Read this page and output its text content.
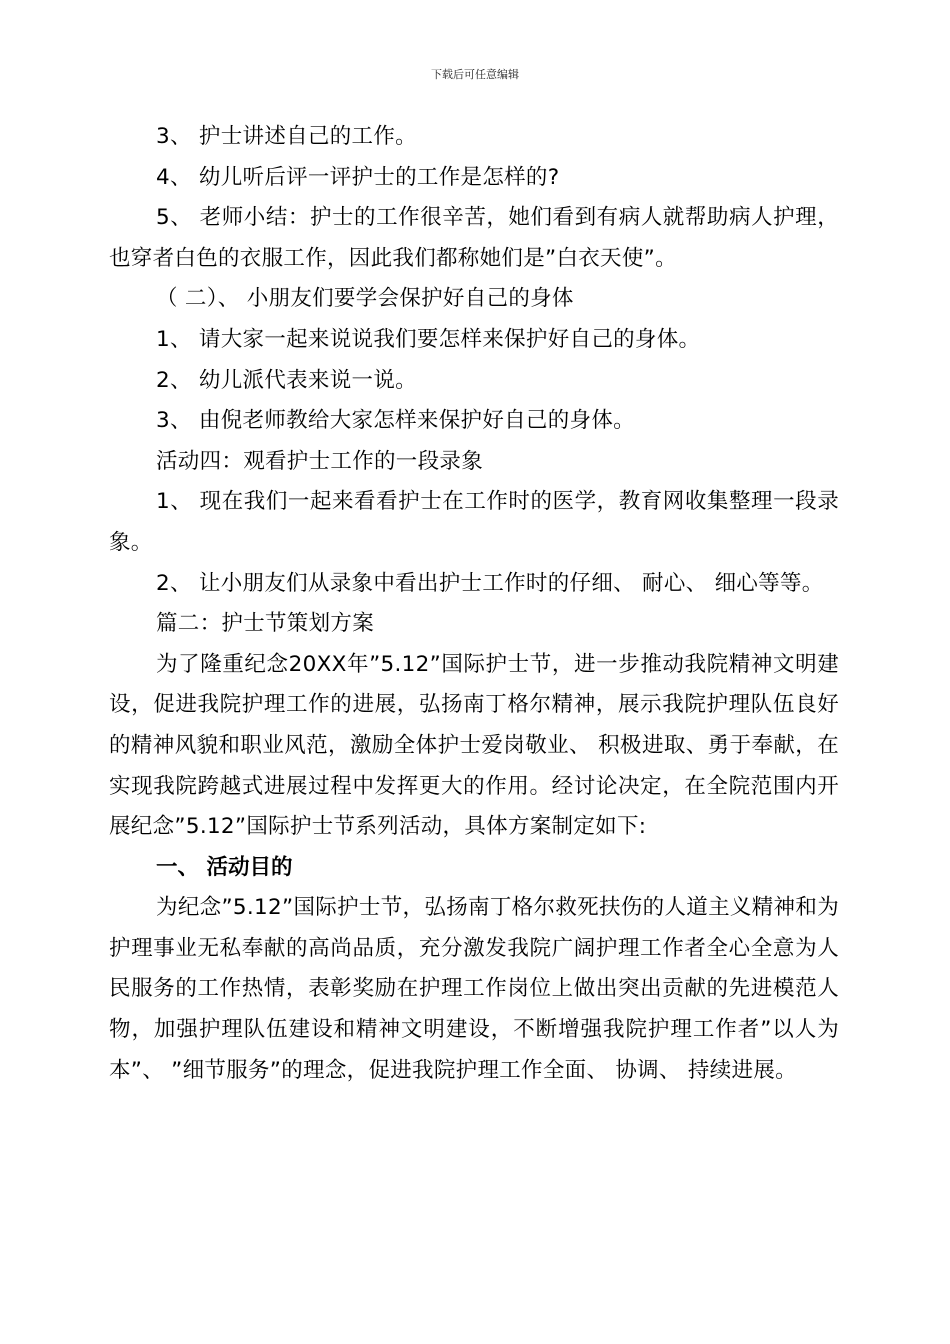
下载后可任意编辑

3、 护士讲述自己的工作。

4、 幼儿听后评一评护士的工作是怎样的?

5、 老师小结：护士的工作很辛苦，她们看到有病人就帮助病人护理，也穿者白色的衣服工作，因此我们都称她们是”白衣天使”。

（ 二）、 小朋友们要学会保护好自己的身体

1、 请大家一起来说说我们要怎样来保护好自己的身体。

2、 幼儿派代表来说一说。

3、 由倪老师教给大家怎样来保护好自己的身体。

活动四：观看护士工作的一段录象

1、 现在我们一起来看看护士在工作时的医学，教育网收集整理一段录象。

2、 让小朋友们从录象中看出护士工作时的仔细、 耐心、 细心等等。

篇二：护士节策划方案

为了隆重纪念20XX年”5.12”国际护士节，进一步推动我院精神文明建设，促进我院护理工作的进展，弘扬南丁格尔精神，展示我院护理队伍良好的精神风貌和职业风范，激励全体护士爱岗敬业、 积极进取、勇于奉献，在实现我院跨越式进展过程中发挥更大的作用。经讨论决定，在全院范围内开展纪念”5.12”国际护士节系列活动，具体方案制定如下:

一、 活动目的

为纪念”5.12”国际护士节，弘扬南丁格尔救死扶伤的人道主义精神和为护理事业无私奉献的高尚品质，充分激发我院广阔护理工作者全心全意为人民服务的工作热情，表彰奖励在护理工作岗位上做出突出贡献的先进模范人物，加强护理队伍建设和精神文明建设，不断增强我院护理工作者”以人为本”、 ”细节服务”的理念，促进我院护理工作全面、 协调、 持续进展。
